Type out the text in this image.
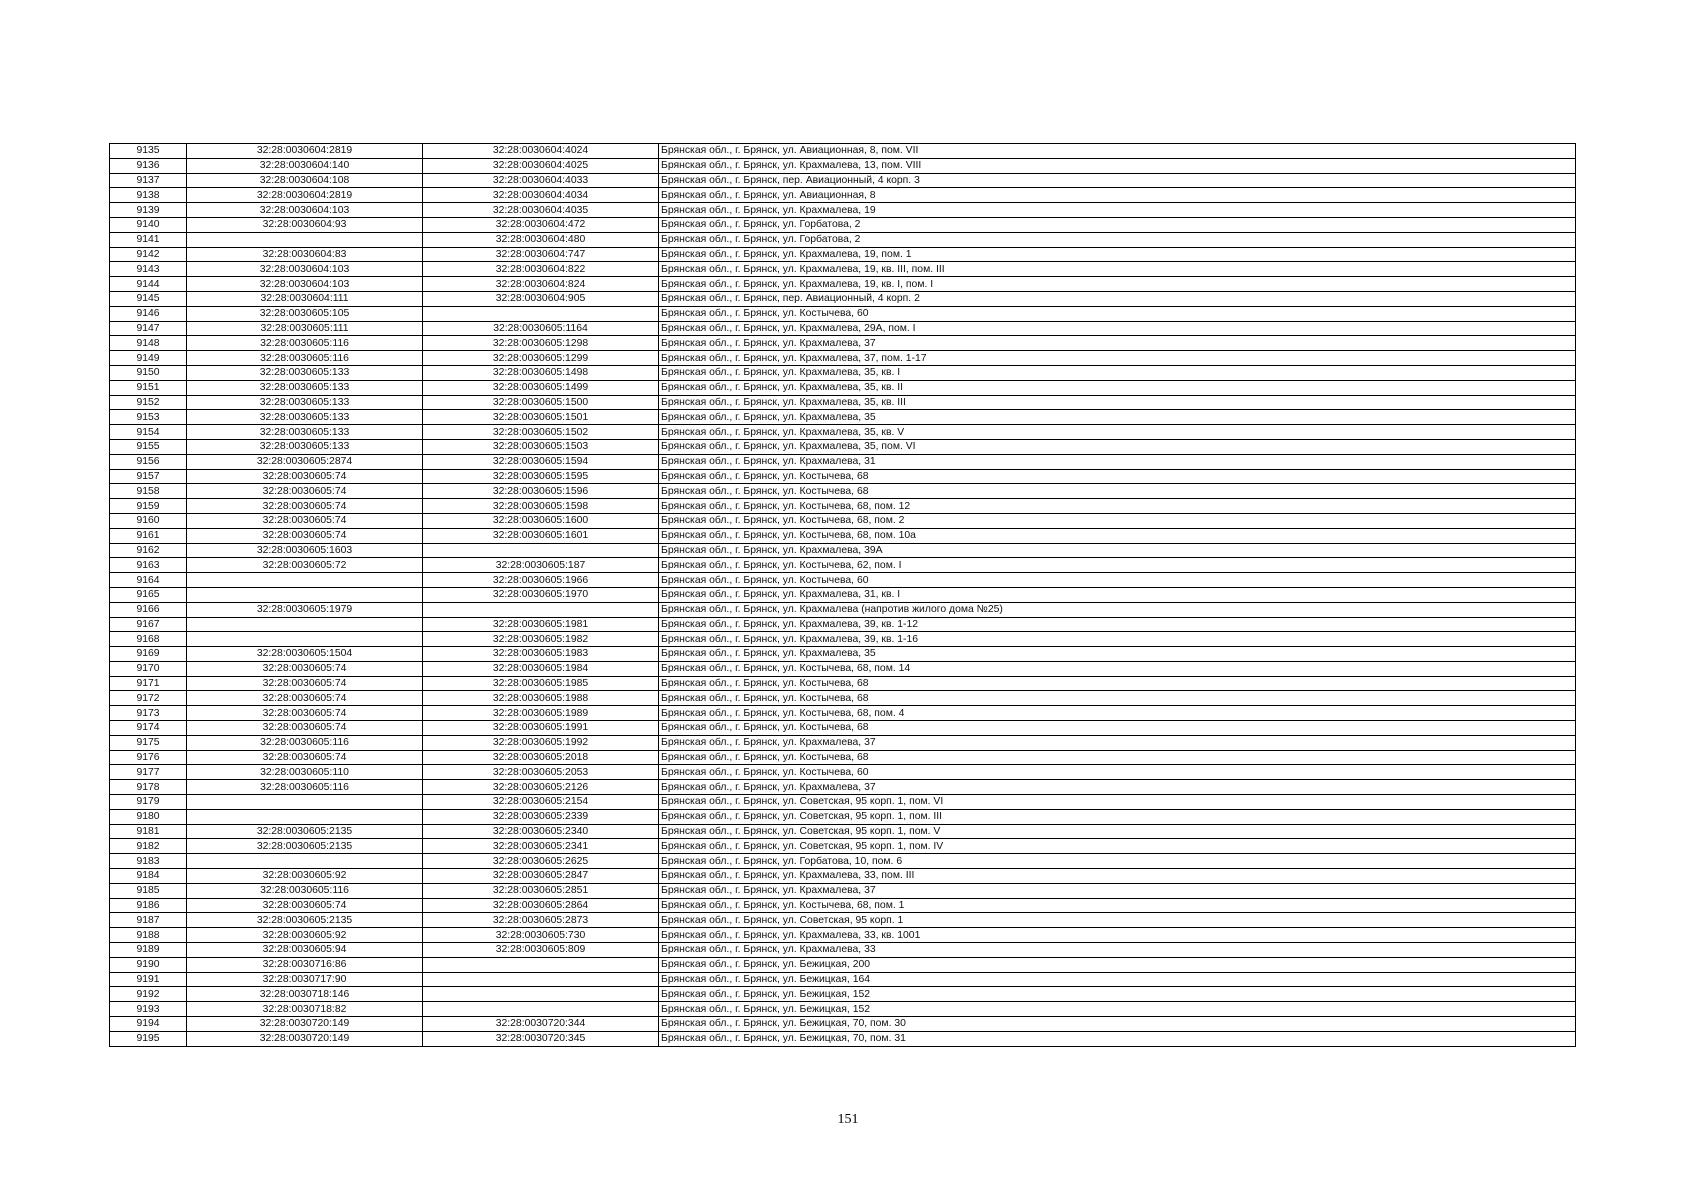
9135	32:28:0030604:2819	32:28:0030604:4024	Брянская обл., г. Брянск, ул. Авиационная, 8, пом. VII
9136	32:28:0030604:140	32:28:0030604:4025	Брянская обл., г. Брянск, ул. Крахмалева, 13, пом. VIII
9137	32:28:0030604:108	32:28:0030604:4033	Брянская обл., г. Брянск, пер. Авиационный, 4 корп. 3
9138	32:28:0030604:2819	32:28:0030604:4034	Брянская обл., г. Брянск, ул. Авиационная, 8
9139	32:28:0030604:103	32:28:0030604:4035	Брянская обл., г. Брянск, ул. Крахмалева, 19
9140	32:28:0030604:93	32:28:0030604:472	Брянская обл., г. Брянск, ул. Горбатова, 2
9141		32:28:0030604:480	Брянская обл., г. Брянск, ул. Горбатова, 2
9142	32:28:0030604:83	32:28:0030604:747	Брянская обл., г. Брянск, ул. Крахмалева, 19, пом. 1
9143	32:28:0030604:103	32:28:0030604:822	Брянская обл., г. Брянск, ул. Крахмалева, 19, кв. III, пом. III
9144	32:28:0030604:103	32:28:0030604:824	Брянская обл., г. Брянск, ул. Крахмалева, 19, кв. I, пом. I
9145	32:28:0030604:111	32:28:0030604:905	Брянская обл., г. Брянск, пер. Авиационный, 4 корп. 2
9146	32:28:0030605:105		Брянская обл., г. Брянск, ул. Костычева, 60
9147	32:28:0030605:111	32:28:0030605:1164	Брянская обл., г. Брянск, ул. Крахмалева, 29А, пом. I
9148	32:28:0030605:116	32:28:0030605:1298	Брянская обл., г. Брянск, ул. Крахмалева, 37
9149	32:28:0030605:116	32:28:0030605:1299	Брянская обл., г. Брянск, ул. Крахмалева, 37, пом. 1-17
9150	32:28:0030605:133	32:28:0030605:1498	Брянская обл., г. Брянск, ул. Крахмалева, 35, кв. I
9151	32:28:0030605:133	32:28:0030605:1499	Брянская обл., г. Брянск, ул. Крахмалева, 35, кв. II
9152	32:28:0030605:133	32:28:0030605:1500	Брянская обл., г. Брянск, ул. Крахмалева, 35, кв. III
9153	32:28:0030605:133	32:28:0030605:1501	Брянская обл., г. Брянск, ул. Крахмалева, 35
9154	32:28:0030605:133	32:28:0030605:1502	Брянская обл., г. Брянск, ул. Крахмалева, 35, кв. V
9155	32:28:0030605:133	32:28:0030605:1503	Брянская обл., г. Брянск, ул. Крахмалева, 35, пом. VI
9156	32:28:0030605:2874	32:28:0030605:1594	Брянская обл., г. Брянск, ул. Крахмалева, 31
9157	32:28:0030605:74	32:28:0030605:1595	Брянская обл., г. Брянск, ул. Костычева, 68
9158	32:28:0030605:74	32:28:0030605:1596	Брянская обл., г. Брянск, ул. Костычева, 68
9159	32:28:0030605:74	32:28:0030605:1598	Брянская обл., г. Брянск, ул. Костычева, 68, пом. 12
9160	32:28:0030605:74	32:28:0030605:1600	Брянская обл., г. Брянск, ул. Костычева, 68, пом. 2
9161	32:28:0030605:74	32:28:0030605:1601	Брянская обл., г. Брянск, ул. Костычева, 68, пом. 10а
9162	32:28:0030605:1603		Брянская обл., г. Брянск, ул. Крахмалева, 39А
9163	32:28:0030605:72	32:28:0030605:187	Брянская обл., г. Брянск, ул. Костычева, 62, пом. I
9164		32:28:0030605:1966	Брянская обл., г. Брянск, ул. Костычева, 60
9165		32:28:0030605:1970	Брянская обл., г. Брянск, ул. Крахмалева, 31, кв. I
9166	32:28:0030605:1979		Брянская обл., г. Брянск, ул. Крахмалева (напротив жилого дома №25)
9167		32:28:0030605:1981	Брянская обл., г. Брянск, ул. Крахмалева, 39, кв. 1-12
9168		32:28:0030605:1982	Брянская обл., г. Брянск, ул. Крахмалева, 39, кв. 1-16
9169	32:28:0030605:1504	32:28:0030605:1983	Брянская обл., г. Брянск, ул. Крахмалева, 35
9170	32:28:0030605:74	32:28:0030605:1984	Брянская обл., г. Брянск, ул. Костычева, 68, пом. 14
9171	32:28:0030605:74	32:28:0030605:1985	Брянская обл., г. Брянск, ул. Костычева, 68
9172	32:28:0030605:74	32:28:0030605:1988	Брянская обл., г. Брянск, ул. Костычева, 68
9173	32:28:0030605:74	32:28:0030605:1989	Брянская обл., г. Брянск, ул. Костычева, 68, пом. 4
9174	32:28:0030605:74	32:28:0030605:1991	Брянская обл., г. Брянск, ул. Костычева, 68
9175	32:28:0030605:116	32:28:0030605:1992	Брянская обл., г. Брянск, ул. Крахмалева, 37
9176	32:28:0030605:74	32:28:0030605:2018	Брянская обл., г. Брянск, ул. Костычева, 68
9177	32:28:0030605:110	32:28:0030605:2053	Брянская обл., г. Брянск, ул. Костычева, 60
9178	32:28:0030605:116	32:28:0030605:2126	Брянская обл., г. Брянск, ул. Крахмалева, 37
9179		32:28:0030605:2154	Брянская обл., г. Брянск, ул. Советская, 95 корп. 1, пом. VI
9180		32:28:0030605:2339	Брянская обл., г. Брянск, ул. Советская, 95 корп. 1, пом. III
9181	32:28:0030605:2135	32:28:0030605:2340	Брянская обл., г. Брянск, ул. Советская, 95 корп. 1, пом. V
9182	32:28:0030605:2135	32:28:0030605:2341	Брянская обл., г. Брянск, ул. Советская, 95 корп. 1, пом. IV
9183		32:28:0030605:2625	Брянская обл., г. Брянск, ул. Горбатова, 10, пом. 6
9184	32:28:0030605:92	32:28:0030605:2847	Брянская обл., г. Брянск, ул. Крахмалева, 33, пом. III
9185	32:28:0030605:116	32:28:0030605:2851	Брянская обл., г. Брянск, ул. Крахмалева, 37
9186	32:28:0030605:74	32:28:0030605:2864	Брянская обл., г. Брянск, ул. Костычева, 68, пом. 1
9187	32:28:0030605:2135	32:28:0030605:2873	Брянская обл., г. Брянск, ул. Советская, 95 корп. 1
9188	32:28:0030605:92	32:28:0030605:730	Брянская обл., г. Брянск, ул. Крахмалева, 33, кв. 1001
9189	32:28:0030605:94	32:28:0030605:809	Брянская обл., г. Брянск, ул. Крахмалева, 33
9190	32:28:0030716:86		Брянская обл., г. Брянск, ул. Бежицкая, 200
9191	32:28:0030717:90		Брянская обл., г. Брянск, ул. Бежицкая, 164
9192	32:28:0030718:146		Брянская обл., г. Брянск, ул. Бежицкая, 152
9193	32:28:0030718:82		Брянская обл., г. Брянск, ул. Бежицкая, 152
9194	32:28:0030720:149	32:28:0030720:344	Брянская обл., г. Брянск, ул. Бежицкая, 70, пом. 30
9195	32:28:0030720:149	32:28:0030720:345	Брянская обл., г. Брянск, ул. Бежицкая, 70, пом. 31
151
